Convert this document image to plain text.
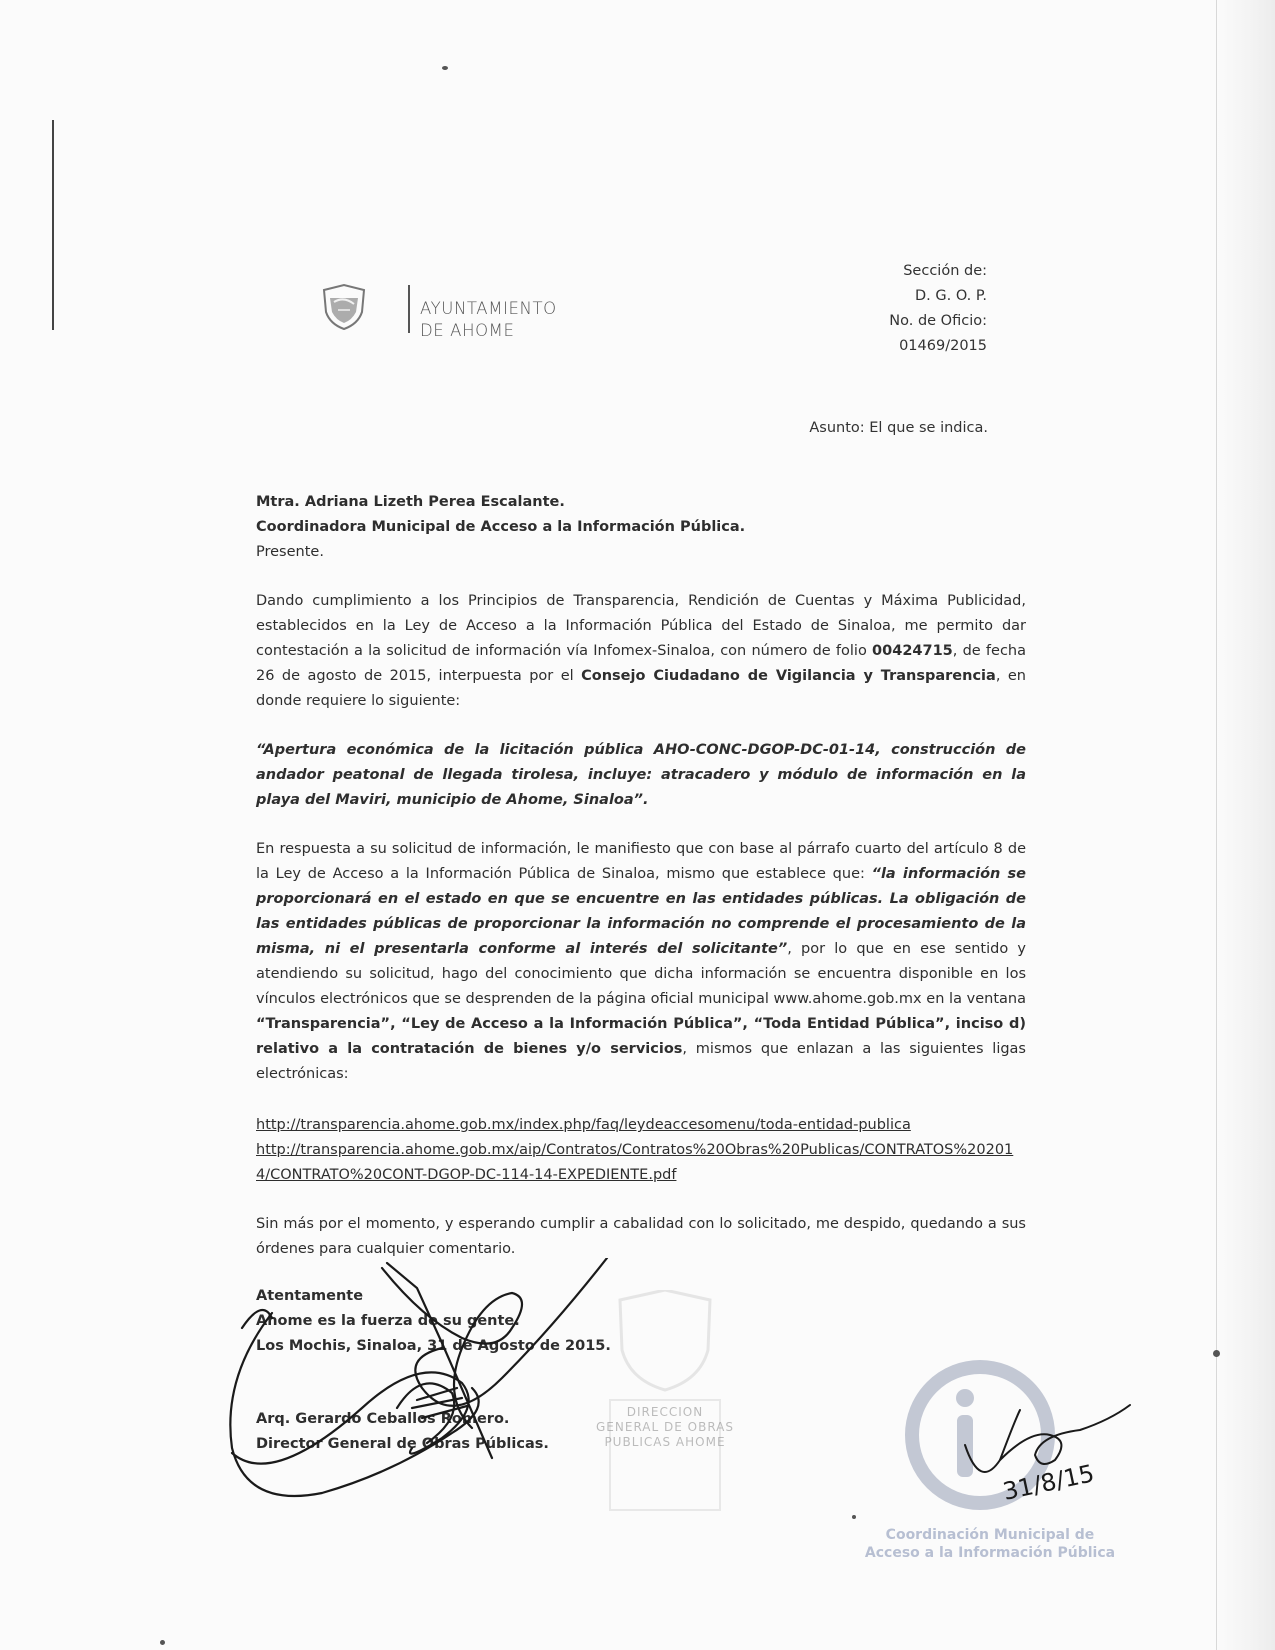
AYUNTAMIENTO
DE AHOME
Sección de:
D. G. O. P.
No. de Oficio:
01469/2015
Asunto: El que se indica.
Mtra. Adriana Lizeth Perea Escalante.
Coordinadora Municipal de Acceso a la Información Pública.
Presente.

Dando cumplimiento a los Principios de Transparencia, Rendición de Cuentas y Máxima Publicidad, establecidos en la Ley de Acceso a la Información Pública del Estado de Sinaloa, me permito dar contestación a la solicitud de información vía Infomex-Sinaloa, con número de folio 00424715, de fecha 26 de agosto de 2015, interpuesta por el Consejo Ciudadano de Vigilancia y Transparencia, en donde requiere lo siguiente:

“Apertura económica de la licitación pública AHO-CONC-DGOP-DC-01-14, construcción de andador peatonal de llegada tirolesa, incluye: atracadero y módulo de información en la playa del Maviri, municipio de Ahome, Sinaloa”.

En respuesta a su solicitud de información, le manifiesto que con base al párrafo cuarto del artículo 8 de la Ley de Acceso a la Información Pública de Sinaloa, mismo que establece que: “la información se proporcionará en el estado en que se encuentre en las entidades públicas. La obligación de las entidades públicas de proporcionar la información no comprende el procesamiento de la misma, ni el presentarla conforme al interés del solicitante”, por lo que en ese sentido y atendiendo su solicitud, hago del conocimiento que dicha información se encuentra disponible en los vínculos electrónicos que se desprenden de la página oficial municipal www.ahome.gob.mx en la ventana “Transparencia”, “Ley de Acceso a la Información Pública”, “Toda Entidad Pública”, inciso d) relativo a la contratación de bienes y/o servicios, mismos que enlazan a las siguientes ligas electrónicas:

http://transparencia.ahome.gob.mx/index.php/faq/leydeaccesomenu/toda-entidad-publica
http://transparencia.ahome.gob.mx/aip/Contratos/Contratos%20Obras%20Publicas/CONTRATOS%202014/CONTRATO%20CONT-DGOP-DC-114-14-EXPEDIENTE.pdf

Sin más por el momento, y esperando cumplir a cabalidad con lo solicitado, me despido, quedando a sus órdenes para cualquier comentario.

Atentamente
Ahome es la fuerza de su gente.
Los Mochis, Sinaloa, 31 de Agosto de 2015.
Arq. Gerardo Ceballos Romero.
Director General de Obras Públicas.
DIRECCION GENERAL DE OBRAS PUBLICAS AHOME
31/8/15
Coordinación Municipal de
Acceso a la Información Pública
